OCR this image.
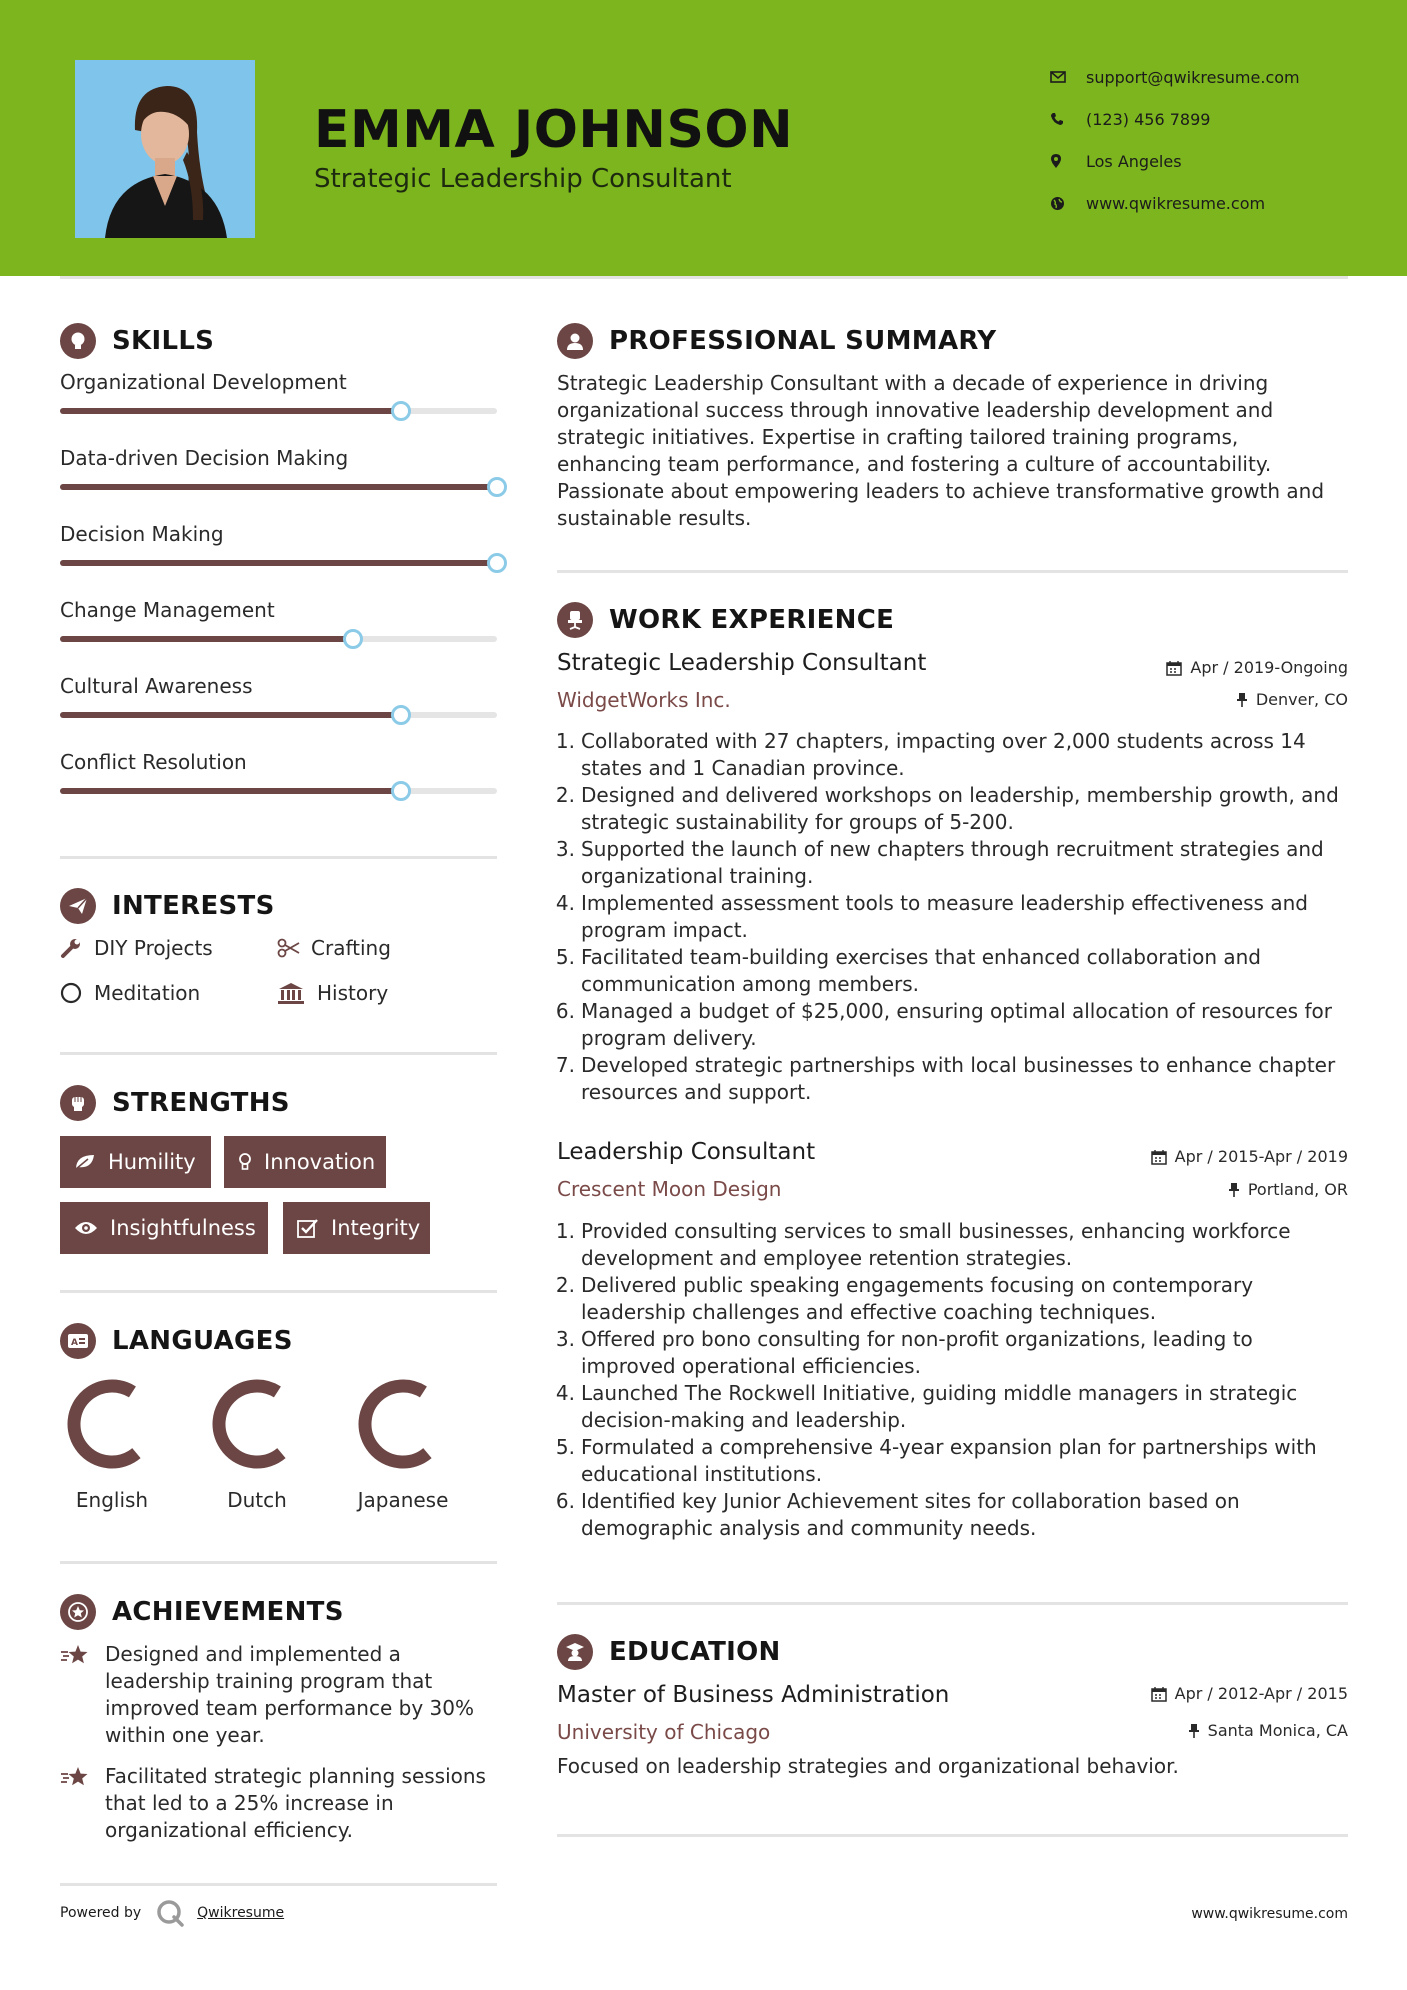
EMMA JOHNSON
Strategic Leadership Consultant
support@qwikresume.com
(123) 456 7899
Los Angeles
www.qwikresume.com
SKILLS
Organizational Development
Data-driven Decision Making
Decision Making
Change Management
Cultural Awareness
Conflict Resolution
INTERESTS
DIY Projects	Crafting
Meditation	History
STRENGTHS
Humility	Innovation
Insightfulness	Integrity
A LANGUAGES
English	Dutch	Japanese
ACHIEVEMENTS
Designed and implemented a leadership training program that improved team performance by 30% within one year.
Facilitated strategic planning sessions that led to a 25% increase in organizational efficiency.
PROFESSIONAL SUMMARY
Strategic Leadership Consultant with a decade of experience in driving organizational success through innovative leadership development and strategic initiatives. Expertise in crafting tailored training programs, enhancing team performance, and fostering a culture of accountability. Passionate about empowering leaders to achieve transformative growth and sustainable results.
WORK EXPERIENCE
Strategic Leadership Consultant	Apr / 2019-Ongoing
WidgetWorks Inc.	Denver, CO
1. Collaborated with 27 chapters, impacting over 2,000 students across 14 states and 1 Canadian province.
2. Designed and delivered workshops on leadership, membership growth, and strategic sustainability for groups of 5-200.
3. Supported the launch of new chapters through recruitment strategies and organizational training.
4. Implemented assessment tools to measure leadership effectiveness and program impact.
5. Facilitated team-building exercises that enhanced collaboration and communication among members.
6. Managed a budget of $25,000, ensuring optimal allocation of resources for program delivery.
7. Developed strategic partnerships with local businesses to enhance chapter resources and support.
Leadership Consultant	Apr / 2015-Apr / 2019
Crescent Moon Design	Portland, OR
1. Provided consulting services to small businesses, enhancing workforce development and employee retention strategies.
2. Delivered public speaking engagements focusing on contemporary leadership challenges and effective coaching techniques.
3. Offered pro bono consulting for non-profit organizations, leading to improved operational efficiencies.
4. Launched The Rockwell Initiative, guiding middle managers in strategic decision-making and leadership.
5. Formulated a comprehensive 4-year expansion plan for partnerships with educational institutions.
6. Identified key Junior Achievement sites for collaboration based on demographic analysis and community needs.
EDUCATION
Master of Business Administration	Apr / 2012-Apr / 2015
University of Chicago	Santa Monica, CA
Focused on leadership strategies and organizational behavior.
Powered by	Qwikresume	www.qwikresume.com
